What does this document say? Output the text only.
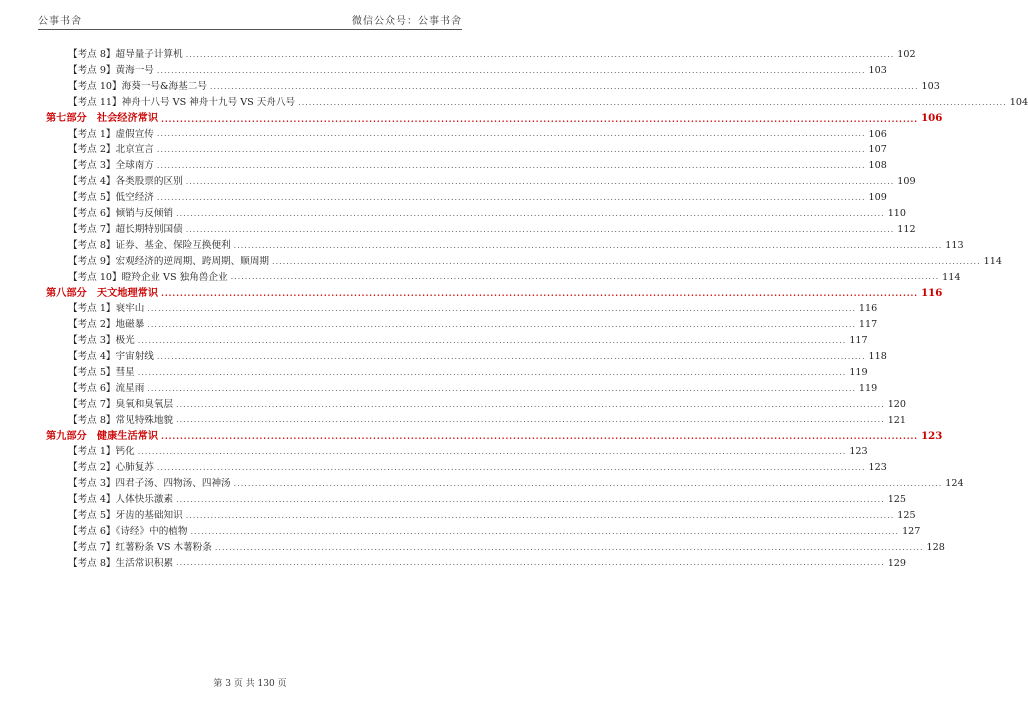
公事书舍	微信公众号：公事书舍
【考点 8】超导量子计算机 ........................................................................................................................................................................................................ 102
【考点 9】黄海一号 ........................................................................................................................................................................................................ 103
【考点 10】海葵一号&海基二号 ........................................................................................................................................................................................................ 103
【考点 11】神舟十八号 VS 神舟十九号 VS 天舟八号 ........................................................................................................................................................................................................ 104
第七部分　社会经济常识 ........................................................................................................................................................................................................ 106
【考点 1】虚假宣传 ........................................................................................................................................................................................................ 106
【考点 2】北京宣言 ........................................................................................................................................................................................................ 107
【考点 3】全球南方 ........................................................................................................................................................................................................ 108
【考点 4】各类股票的区别 ........................................................................................................................................................................................................ 109
【考点 5】低空经济 ........................................................................................................................................................................................................ 109
【考点 6】倾销与反倾销 ........................................................................................................................................................................................................ 110
【考点 7】超长期特别国债 ........................................................................................................................................................................................................ 112
【考点 8】证券、基金、保险互换便利 ........................................................................................................................................................................................................ 113
【考点 9】宏观经济的逆周期、跨周期、顺周期 ........................................................................................................................................................................................................ 114
【考点 10】瞪羚企业 VS 独角兽企业 ........................................................................................................................................................................................................ 114
第八部分　天文地理常识 ........................................................................................................................................................................................................ 116
【考点 1】衰牢山 ........................................................................................................................................................................................................ 116
【考点 2】地磁暴 ........................................................................................................................................................................................................ 117
【考点 3】极光 ........................................................................................................................................................................................................ 117
【考点 4】宇宙射线 ........................................................................................................................................................................................................ 118
【考点 5】彗星 ........................................................................................................................................................................................................ 119
【考点 6】流星雨 ........................................................................................................................................................................................................ 119
【考点 7】臭氧和臭氧层 ........................................................................................................................................................................................................ 120
【考点 8】常见特殊地貌 ........................................................................................................................................................................................................ 121
第九部分　健康生活常识 ........................................................................................................................................................................................................ 123
【考点 1】钙化 ........................................................................................................................................................................................................ 123
【考点 2】心肺复苏 ........................................................................................................................................................................................................ 123
【考点 3】四君子汤、四物汤、四神汤 ........................................................................................................................................................................................................ 124
【考点 4】人体快乐激素 ........................................................................................................................................................................................................ 125
【考点 5】牙齿的基础知识 ........................................................................................................................................................................................................ 125
【考点 6】《诗经》中的植物 ........................................................................................................................................................................................................ 127
【考点 7】红薯粉条 VS 木薯粉条 ........................................................................................................................................................................................................ 128
【考点 8】生活常识积累 ........................................................................................................................................................................................................ 129
第 3 页 共 130 页
